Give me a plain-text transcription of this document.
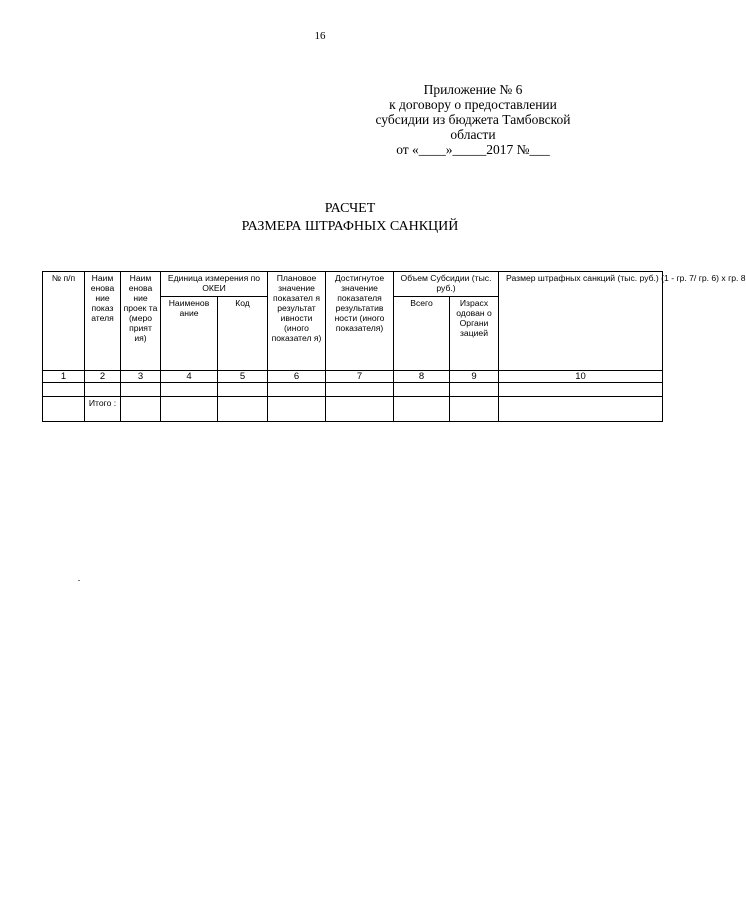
16
Приложение № 6
к договору о предоставлении
субсидии из бюджета Тамбовской
области
от «____»_____2017 №___
РАСЧЕТ
РАЗМЕРА ШТРАФНЫХ САНКЦИЙ
№ п/п	Наим енова ние показ ателя	Наим енова ние проек та (меро прият ия)	Единица измерения по ОКЕИ		Плановое значение показател я результат ивности (иного показател я)	Достигнутое значение показателя результатив ности (иного показателя)	Объем Субсидии (тыс. руб.)		Размер штрафных санкций (тыс. руб.) (1 - гр. 7/ гр. 6) x гр. 8

			Наименов ание	Код			Всего	Израсх одован о Органи зацией	
1	2	3	4	5	6	7	8	9	10

	Итого :								
